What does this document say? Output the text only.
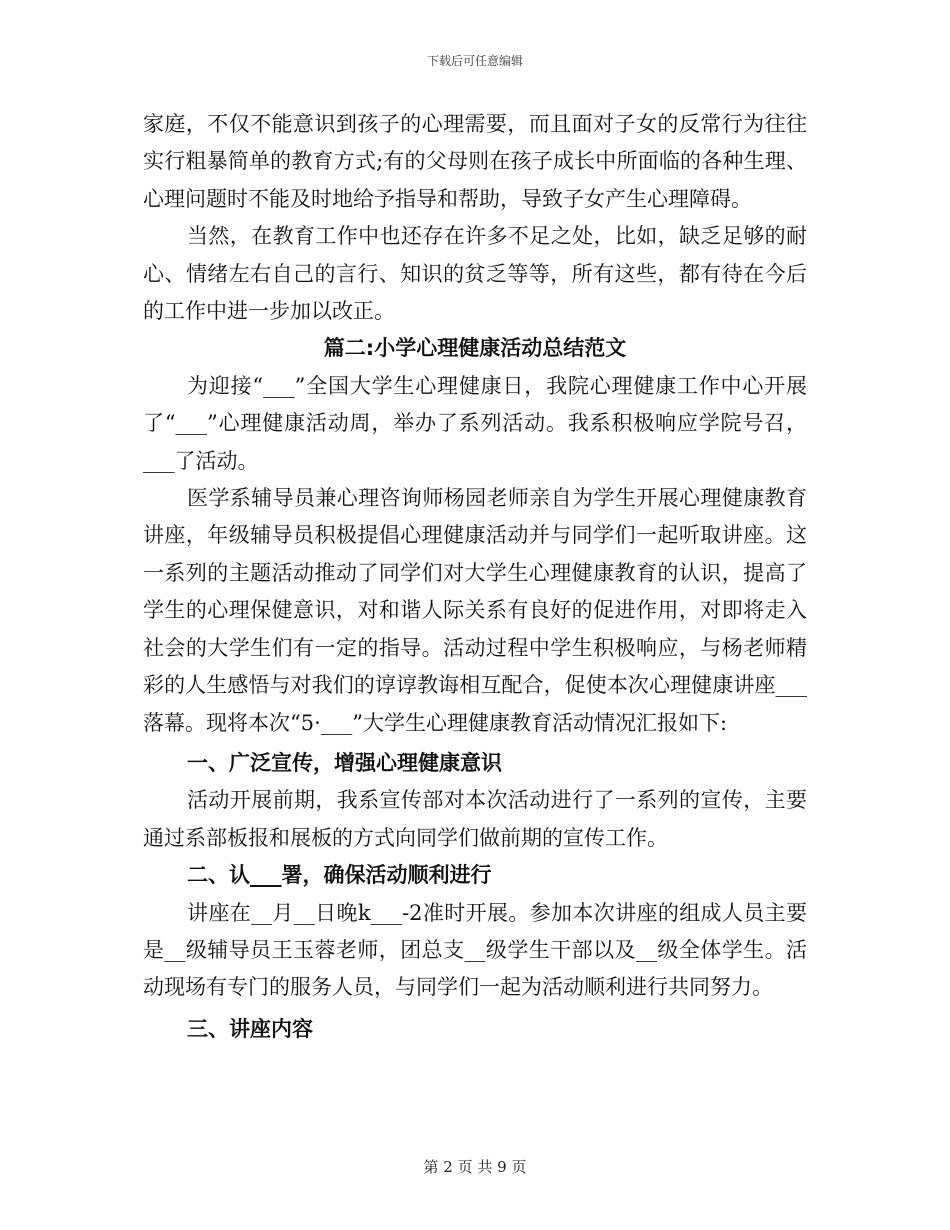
下载后可任意编辑

家庭，不仅不能意识到孩子的心理需要，而且面对子女的反常行为往往实行粗暴简单的教育方式;有的父母则在孩子成长中所面临的各种生理、心理问题时不能及时地给予指导和帮助，导致子女产生心理障碍。

当然，在教育工作中也还存在许多不足之处，比如，缺乏足够的耐心、情绪左右自己的言行、知识的贫乏等等，所有这些，都有待在今后的工作中进一步加以改正。

篇二:小学心理健康活动总结范文

为迎接“___”全国大学生心理健康日，我院心理健康工作中心开展了“___”心理健康活动周，举办了系列活动。我系积极响应学院号召，___了活动。

医学系辅导员兼心理咨询师杨园老师亲自为学生开展心理健康教育讲座，年级辅导员积极提倡心理健康活动并与同学们一起听取讲座。这一系列的主题活动推动了同学们对大学生心理健康教育的认识，提高了学生的心理保健意识，对和谐人际关系有良好的促进作用，对即将走入社会的大学生们有一定的指导。活动过程中学生积极响应，与杨老师精彩的人生感悟与对我们的谆谆教诲相互配合，促使本次心理健康讲座___落幕。现将本次“5·___”大学生心理健康教育活动情况汇报如下:

一、广泛宣传，增强心理健康意识

活动开展前期，我系宣传部对本次活动进行了一系列的宣传，主要通过系部板报和展板的方式向同学们做前期的宣传工作。

二、认___署，确保活动顺利进行

讲座在__月__日晚k___-2准时开展。参加本次讲座的组成人员主要是__级辅导员王玉蓉老师，团总支__级学生干部以及__级全体学生。活动现场有专门的服务人员，与同学们一起为活动顺利进行共同努力。

三、讲座内容

第 2 页 共 9 页
